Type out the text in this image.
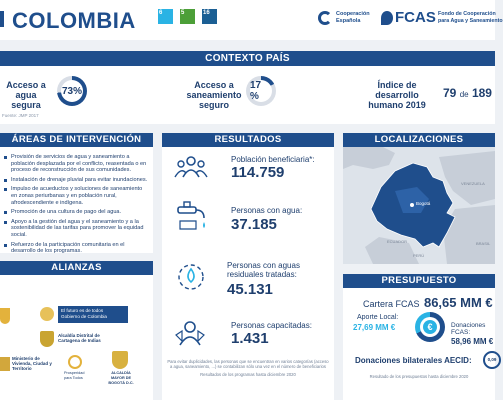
COLOMBIA	6	5	16	Cooperación
Española	FCAS Fondo de Cooperación
para Agua y Saneamiento
CONTEXTO PAÍS
Acceso a
agua
segura
73%
Fuente: JMP 2017
Acceso a
saneamiento
seguro
17 %
Índice de
desarrollo
humano 2019
79 de 189
ÁREAS DE INTERVENCIÓN
Provisión de servicios de agua y saneamiento a población desplazada por el conflicto, reasentada o en proceso de reconstrucción de sus comunidades.
Instalación de drenaje pluvial para evitar inundaciones.
Impulso de acueductos y soluciones de saneamiento en zonas periurbanas y en población rural, afrodescendiente e indígena.
Promoción de una cultura de pago del agua.
Apoyo a la gestión del agua y el saneamiento y a la sostenibilidad de las tarifas para promover la equidad social.
Refuerzo de la participación comunitaria en el desarrollo de los programas.
ALIANZAS
El futuro es de todos
Gobierno de Colombia
Alcaldía Distrital de Cartagena de Indias
Ministerio de Vivienda, Ciudad y Territorio
Prosperidad para Todos
ALCALDÍA MAYOR DE BOGOTÁ D.C.
RESULTADOS
Población beneficiaria*:
114.759
Personas con agua:
37.185
Personas con aguas residuales tratadas:
45.131
Personas capacitadas:
1.431
Para evitar duplicidades, las personas que se encuentran en varios categorías (acceso a agua, saneamiento, ...) se contabilizan sólo una vez en el número de beneficiarios
Resultados de los programas hasta diciembre 2020
LOCALIZACIONES
Bogotá
VENEZUELA
ECUADOR
PERÚ
BRASIL
PRESUPUESTO
Cartera FCAS 86,65 MM €
Aporte Local:
27,69 MM €	€	Donaciones FCAS:
58,96 MM €
Donaciones bilaterales AECID:	0,09
Resultado de los presupuestos hasta diciembre 2020
